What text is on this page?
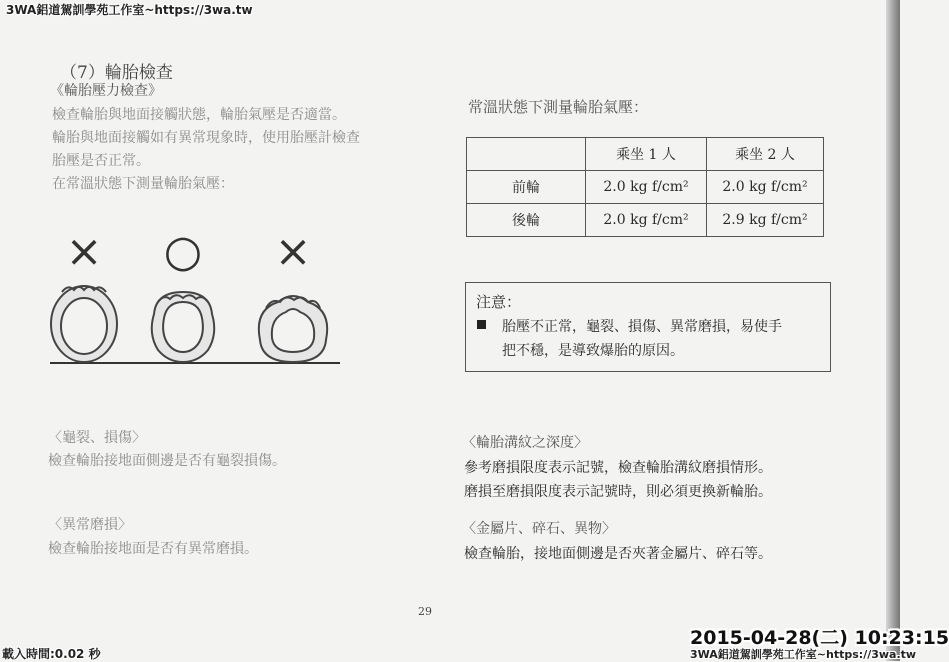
3WA鋁道駕訓學苑工作室~https://3wa.tw
（7）輪胎檢查
《輪胎壓力檢查》
檢查輪胎與地面接觸狀態，輪胎氣壓是否適當。
輪胎與地面接觸如有異常現象時，使用胎壓計檢查
胎壓是否正常。
在常溫狀態下測量輪胎氣壓：
× ○ ×
〈龜裂、損傷〉
檢查輪胎接地面側邊是否有龜裂損傷。
〈異常磨損〉
檢查輪胎接地面是否有異常磨損。
常溫狀態下測量輪胎氣壓：
	乘坐 1 人	乘坐 2 人
前輪	2.0 kg f/cm²	2.0 kg f/cm²
後輪	2.0 kg f/cm²	2.9 kg f/cm²
注意：
胎壓不正常，龜裂、損傷、異常磨損，易使手
把不穩，是導致爆胎的原因。
〈輪胎溝紋之深度〉
參考磨損限度表示記號，檢查輪胎溝紋磨損情形。
磨損至磨損限度表示記號時，則必須更換新輪胎。
〈金屬片、碎石、異物〉
檢查輪胎，接地面側邊是否夾著金屬片、碎石等。
29
載入時間:0.02 秒
2015-04-28(二) 10:23:15
3WA鋁道駕訓學苑工作室~https://3wa.tw
